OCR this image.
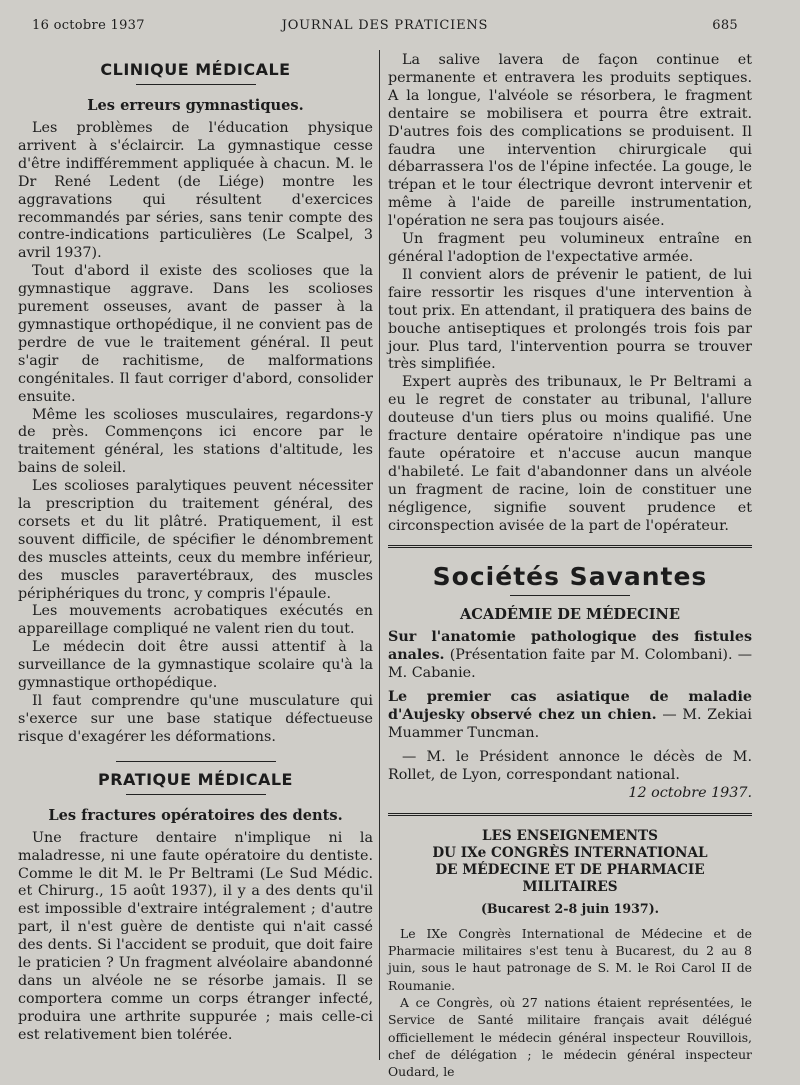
16 octobre 1937	JOURNAL DES PRATICIENS	685
CLINIQUE MÉDICALE
Les erreurs gymnastiques.

Les problèmes de l'éducation physique arrivent à s'éclaircir. La gymnastique cesse d'être indifféremment appliquée à chacun. M. le Dr René Ledent (de Liége) montre les aggravations qui résultent d'exercices recommandés par séries, sans tenir compte des contre-indications particulières (Le Scalpel, 3 avril 1937).

Tout d'abord il existe des scolioses que la gymnastique aggrave. Dans les scolioses purement osseuses, avant de passer à la gymnastique orthopédique, il ne convient pas de perdre de vue le traitement général. Il peut s'agir de rachitisme, de malformations congénitales. Il faut corriger d'abord, consolider ensuite.

Même les scolioses musculaires, regardons-y de près. Commençons ici encore par le traitement général, les stations d'altitude, les bains de soleil.

Les scolioses paralytiques peuvent nécessiter la prescription du traitement général, des corsets et du lit plâtré. Pratiquement, il est souvent difficile, de spécifier le dénombrement des muscles atteints, ceux du membre inférieur, des muscles paravertébraux, des muscles périphériques du tronc, y compris l'épaule.

Les mouvements acrobatiques exécutés en appareillage compliqué ne valent rien du tout.

Le médecin doit être aussi attentif à la surveillance de la gymnastique scolaire qu'à la gymnastique orthopédique.

Il faut comprendre qu'une musculature qui s'exerce sur une base statique défectueuse risque d'exagérer les déformations.

PRATIQUE MÉDICALE
Les fractures opératoires des dents.

Une fracture dentaire n'implique ni la maladresse, ni une faute opératoire du dentiste. Comme le dit M. le Pr Beltrami (Le Sud Médic. et Chirurg., 15 août 1937), il y a des dents qu'il est impossible d'extraire intégralement ; d'autre part, il n'est guère de dentiste qui n'ait cassé des dents. Si l'accident se produit, que doit faire le praticien ? Un fragment alvéolaire abandonné dans un alvéole ne se résorbe jamais. Il se comportera comme un corps étranger infecté, produira une arthrite suppurée ; mais celle-ci est relativement bien tolérée.

La salive lavera de façon continue et permanente et entravera les produits septiques. A la longue, l'alvéole se résorbera, le fragment dentaire se mobilisera et pourra être extrait. D'autres fois des complications se produisent. Il faudra une intervention chirurgicale qui débarrassera l'os de l'épine infectée. La gouge, le trépan et le tour électrique devront intervenir et même à l'aide de pareille instrumentation, l'opération ne sera pas toujours aisée.

Un fragment peu volumineux entraîne en général l'adoption de l'expectative armée.

Il convient alors de prévenir le patient, de lui faire ressortir les risques d'une intervention à tout prix. En attendant, il pratiquera des bains de bouche antiseptiques et prolongés trois fois par jour. Plus tard, l'intervention pourra se trouver très simplifiée.

Expert auprès des tribunaux, le Pr Beltrami a eu le regret de constater au tribunal, l'allure douteuse d'un tiers plus ou moins qualifié. Une fracture dentaire opératoire n'indique pas une faute opératoire et n'accuse aucun manque d'habileté. Le fait d'abandonner dans un alvéole un fragment de racine, loin de constituer une négligence, signifie souvent prudence et circonspection avisée de la part de l'opérateur.

Sociétés Savantes
ACADÉMIE DE MÉDECINE

Sur l'anatomie pathologique des fistules anales. (Présentation faite par M. Colombani). — M. Cabanie.

Le premier cas asiatique de maladie d'Aujesky observé chez un chien. — M. Zekiai Muammer Tuncman.

— M. le Président annonce le décès de M. Rollet, de Lyon, correspondant national.

12 octobre 1937.
LES ENSEIGNEMENTS
DU IXe CONGRÈS INTERNATIONAL
DE MÉDECINE ET DE PHARMACIE MILITAIRES
(Bucarest 2-8 juin 1937).

Le IXe Congrès International de Médecine et de Pharmacie militaires s'est tenu à Bucarest, du 2 au 8 juin, sous le haut patronage de S. M. le Roi Carol II de Roumanie.

A ce Congrès, où 27 nations étaient représentées, le Service de Santé militaire français avait délégué officiellement le médecin général inspecteur Rouvillois, chef de délégation ; le médecin général inspecteur Oudard, le
